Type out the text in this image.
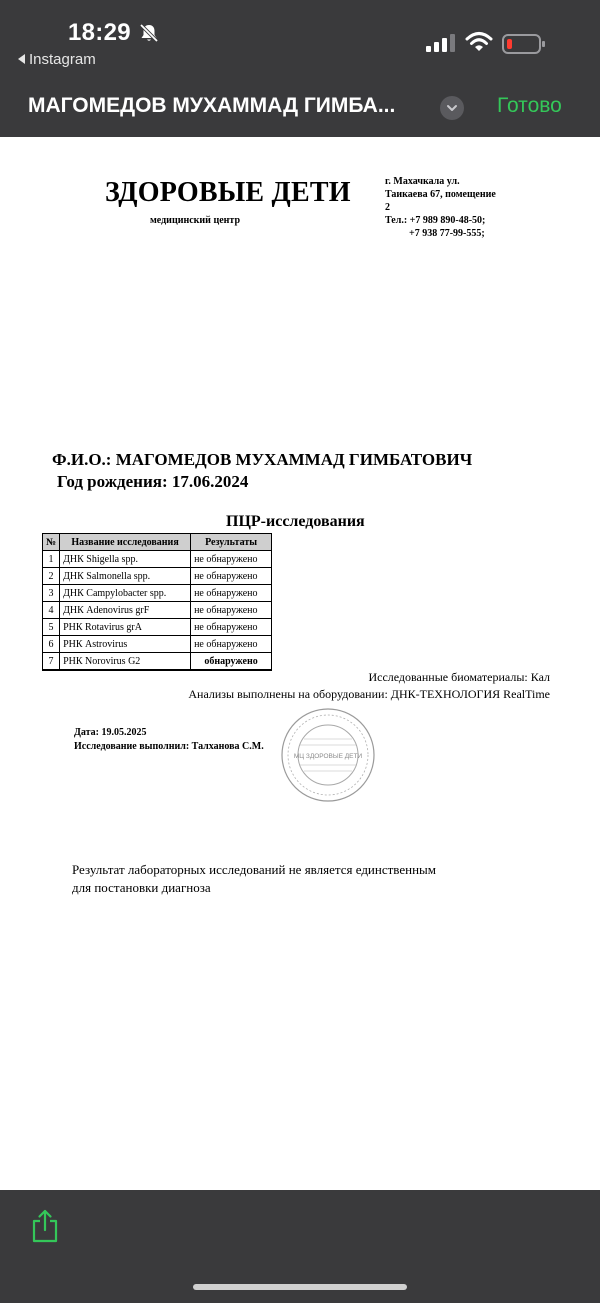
18:29
Instagram
МАГОМЕДОВ МУХАММАД ГИМБА...	Готово
ЗДОРОВЫЕ ДЕТИ
медицинский центр
г. Махачкала ул.
Таикаева 67, помещение
2
Тел.: +7 989 890-48-50;
+7 938 77-99-555;
Ф.И.О.: МАГОМЕДОВ МУХАММАД ГИМБАТОВИЧ
Год рождения: 17.06.2024
ПЦР-исследования
№	Название исследования	Результаты
1	ДНК Shigella spp.	не обнаружено
2	ДНК Salmonella spp.	не обнаружено
3	ДНК Campylobacter spp.	не обнаружено
4	ДНК Adenovirus grF	не обнаружено
5	РНК Rotavirus grA	не обнаружено
6	РНК Astrovirus	не обнаружено
7	РНК Norovirus G2	обнаружено
Исследованные биоматериалы: Кал
Анализы выполнены на оборудовании: ДНК-ТЕХНОЛОГИЯ RealTime
Дата: 19.05.2025
Исследование выполнил: Талханова С.М.
МЦ ЗДОРОВЫЕ ДЕТИ
Результат лабораторных исследований не является единственным
для постановки диагноза
